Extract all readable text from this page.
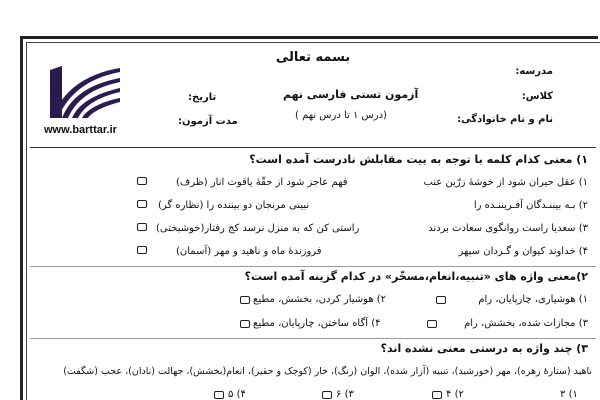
بسمه تعالی
مدرسه:
کلاس:
نام و نام خانوادگی:
آزمون تستی فارسی نهم
(درس ۱ تا درس نهم )
تاریخ:
مدت آزمون:
www.barttar.ir
۱) معنی کدام کلمه با توجه به بیت مقابلش نادرست آمده است؟
۱) عقل حیران شود از خوشهٔ زرّین عنب
فهم عاجز شود از حقّهٔ یاقوت انار (ظرف)
۲) بـه بیننـدگان آفـریننـده را
نبینی مرنجان دو بیننده را (نظاره گر)
۳) سعدیا راست روانگوی سعادت بردند
راستی کن که به منزل نرسد کج رفتار(خوشبختی)
۴) خداوند کیوان و گـردان سپهر
فروزندهٔ ماه و ناهید و مهر (آسمان)
۲)معنی واژه های «تنبیه،انعام،مسخّر» در کدام گزینه آمده است؟
۱) هوشیاری، چارپایان، رام
۲) هوشیار کردن، بخشش، مطیع
۳) مجازات شده، بخشش، رام
۴) آگاه ساختن، چارپایان، مطیع
۳) چند واژه به درستی معنی نشده اند؟
ناهید (ستارهٔ زهره)، مهر (خورشید)، تنبیه (آزار شده)، الوان (رنگ)، خار (کوچک و حقیر)، انعام(بخشش)، جهالت (نادان)، عجب (شگفت)
۱) ۳
۲) ۴
۳) ۶
۴) ۵
